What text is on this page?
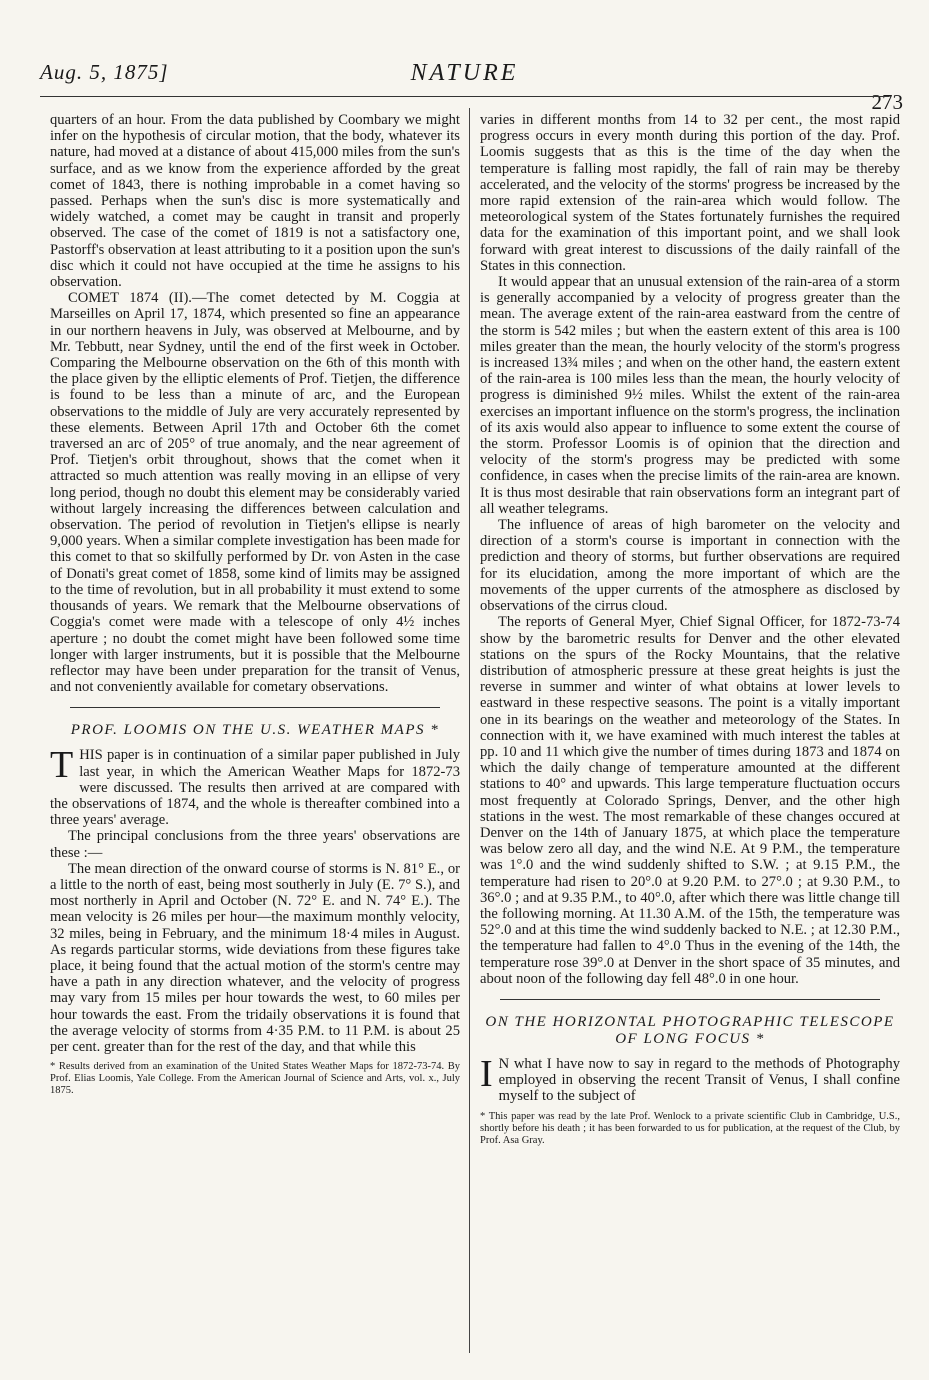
Aug. 5, 1875]	NATURE
273

quarters of an hour. From the data published by Coombary we might infer on the hypothesis of circular motion, that the body, whatever its nature, had moved at a distance of about 415,000 miles from the sun's surface, and as we know from the experience afforded by the great comet of 1843, there is nothing improbable in a comet having so passed. Perhaps when the sun's disc is more systematically and widely watched, a comet may be caught in transit and properly observed. The case of the comet of 1819 is not a satisfactory one, Pastorff's observation at least attributing to it a position upon the sun's disc which it could not have occupied at the time he assigns to his observation.

COMET 1874 (II).—The comet detected by M. Coggia at Marseilles on April 17, 1874, which presented so fine an appearance in our northern heavens in July, was observed at Melbourne, and by Mr. Tebbutt, near Sydney, until the end of the first week in October. Comparing the Melbourne observation on the 6th of this month with the place given by the elliptic elements of Prof. Tietjen, the difference is found to be less than a minute of arc, and the European observations to the middle of July are very accurately represented by these elements. Between April 17th and October 6th the comet traversed an arc of 205° of true anomaly, and the near agreement of Prof. Tietjen's orbit throughout, shows that the comet when it attracted so much attention was really moving in an ellipse of very long period, though no doubt this element may be considerably varied without largely increasing the differences between calculation and observation. The period of revolution in Tietjen's ellipse is nearly 9,000 years. When a similar complete investigation has been made for this comet to that so skilfully performed by Dr. von Asten in the case of Donati's great comet of 1858, some kind of limits may be assigned to the time of revolution, but in all probability it must extend to some thousands of years. We remark that the Melbourne observations of Coggia's comet were made with a telescope of only 4½ inches aperture ; no doubt the comet might have been followed some time longer with larger instruments, but it is possible that the Melbourne reflector may have been under preparation for the transit of Venus, and not conveniently available for cometary observations.

PROF. LOOMIS ON THE U.S. WEATHER MAPS *

THIS paper is in continuation of a similar paper published in July last year, in which the American Weather Maps for 1872-73 were discussed. The results then arrived at are compared with the observations of 1874, and the whole is thereafter combined into a three years' average.

The principal conclusions from the three years' observations are these :—

The mean direction of the onward course of storms is N. 81° E., or a little to the north of east, being most southerly in July (E. 7° S.), and most northerly in April and October (N. 72° E. and N. 74° E.). The mean velocity is 26 miles per hour—the maximum monthly velocity, 32 miles, being in February, and the minimum 18·4 miles in August. As regards particular storms, wide deviations from these figures take place, it being found that the actual motion of the storm's centre may have a path in any direction whatever, and the velocity of progress may vary from 15 miles per hour towards the west, to 60 miles per hour towards the east. From the tridaily observations it is found that the average velocity of storms from 4·35 P.M. to 11 P.M. is about 25 per cent. greater than for the rest of the day, and that while this

* Results derived from an examination of the United States Weather Maps for 1872-73-74. By Prof. Elias Loomis, Yale College. From the American Journal of Science and Arts, vol. x., July 1875.

varies in different months from 14 to 32 per cent., the most rapid progress occurs in every month during this portion of the day. Prof. Loomis suggests that as this is the time of the day when the temperature is falling most rapidly, the fall of rain may be thereby accelerated, and the velocity of the storms' progress be increased by the more rapid extension of the rain-area which would follow. The meteorological system of the States fortunately furnishes the required data for the examination of this important point, and we shall look forward with great interest to discussions of the daily rainfall of the States in this connection.

It would appear that an unusual extension of the rain-area of a storm is generally accompanied by a velocity of progress greater than the mean. The average extent of the rain-area eastward from the centre of the storm is 542 miles ; but when the eastern extent of this area is 100 miles greater than the mean, the hourly velocity of the storm's progress is increased 13¾ miles ; and when on the other hand, the eastern extent of the rain-area is 100 miles less than the mean, the hourly velocity of progress is diminished 9½ miles. Whilst the extent of the rain-area exercises an important influence on the storm's progress, the inclination of its axis would also appear to influence to some extent the course of the storm. Professor Loomis is of opinion that the direction and velocity of the storm's progress may be predicted with some confidence, in cases when the precise limits of the rain-area are known. It is thus most desirable that rain observations form an integrant part of all weather telegrams.

The influence of areas of high barometer on the velocity and direction of a storm's course is important in connection with the prediction and theory of storms, but further observations are required for its elucidation, among the more important of which are the movements of the upper currents of the atmosphere as disclosed by observations of the cirrus cloud.

The reports of General Myer, Chief Signal Officer, for 1872-73-74 show by the barometric results for Denver and the other elevated stations on the spurs of the Rocky Mountains, that the relative distribution of atmospheric pressure at these great heights is just the reverse in summer and winter of what obtains at lower levels to eastward in these respective seasons. The point is a vitally important one in its bearings on the weather and meteorology of the States. In connection with it, we have examined with much interest the tables at pp. 10 and 11 which give the number of times during 1873 and 1874 on which the daily change of temperature amounted at the different stations to 40° and upwards. This large temperature fluctuation occurs most frequently at Colorado Springs, Denver, and the other high stations in the west. The most remarkable of these changes occured at Denver on the 14th of January 1875, at which place the temperature was below zero all day, and the wind N.E. At 9 P.M., the temperature was 1°.0 and the wind suddenly shifted to S.W. ; at 9.15 P.M., the temperature had risen to 20°.0 at 9.20 P.M. to 27°.0 ; at 9.30 P.M., to 36°.0 ; and at 9.35 P.M., to 40°.0, after which there was little change till the following morning. At 11.30 A.M. of the 15th, the temperature was 52°.0 and at this time the wind suddenly backed to N.E. ; at 12.30 P.M., the temperature had fallen to 4°.0 Thus in the evening of the 14th, the temperature rose 39°.0 at Denver in the short space of 35 minutes, and about noon of the following day fell 48°.0 in one hour.

ON THE HORIZONTAL PHOTOGRAPHIC TELESCOPE OF LONG FOCUS *

I N what I have now to say in regard to the methods of Photography employed in observing the recent Transit of Venus, I shall confine myself to the subject of

* This paper was read by the late Prof. Wenlock to a private scientific Club in Cambridge, U.S., shortly before his death ; it has been forwarded to us for publication, at the request of the Club, by Prof. Asa Gray.
